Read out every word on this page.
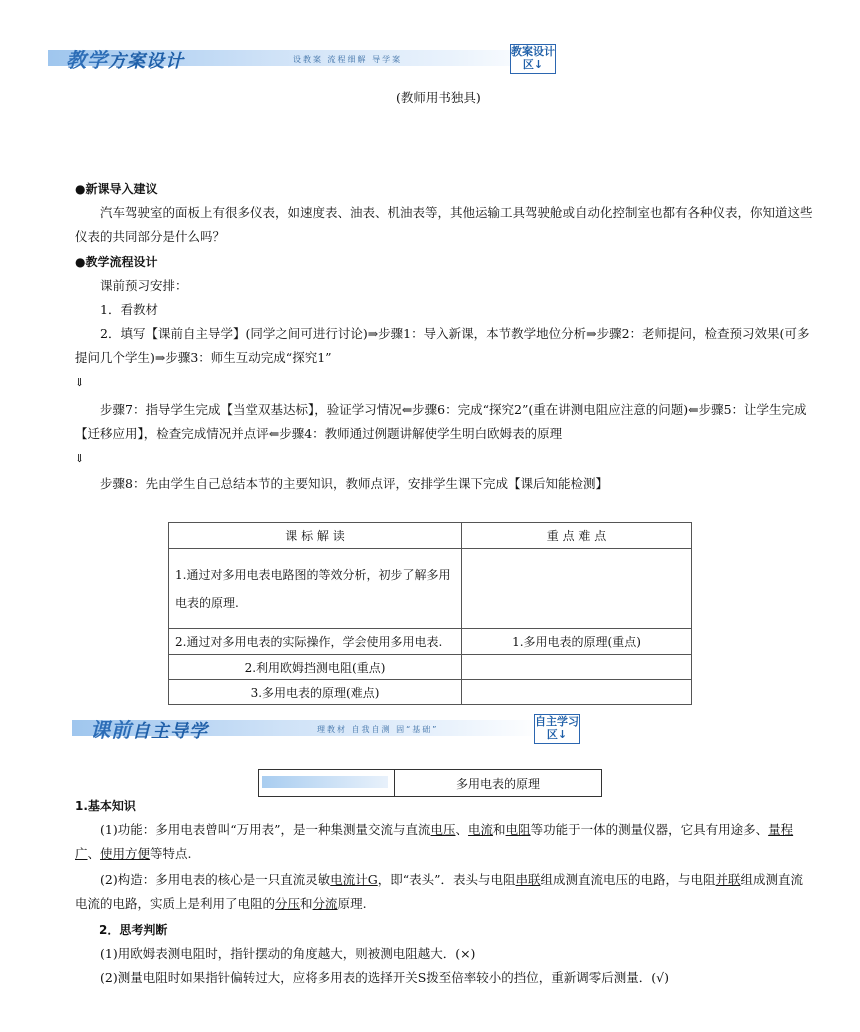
教学方案设计	设教案 流程细解 导学案
教案设计区↓
(教师用书独具)
●新课导入建议
汽车驾驶室的面板上有很多仪表，如速度表、油表、机油表等，其他运输工具驾驶舱或自动化控制室也都有各种仪表，你知道这些仪表的共同部分是什么吗？
●教学流程设计
课前预习安排：
1．看教材
2．填写【课前自主导学】(同学之间可进行讨论)⇒步骤1：导入新课，本节教学地位分析⇒步骤2：老师提问，检查预习效果(可多提问几个学生)⇒步骤3：师生互动完成“探究1”
⇓
步骤7：指导学生完成【当堂双基达标】，验证学习情况⇐步骤6：完成“探究2”(重在讲测电阻应注意的问题)⇐步骤5：让学生完成【迁移应用】，检查完成情况并点评⇐步骤4：教师通过例题讲解使学生明白欧姆表的原理
⇓
步骤8：先由学生自己总结本节的主要知识，教师点评，安排学生课下完成【课后知能检测】
课 标 解 读	重 点 难 点
1.通过对多用电表电路图的等效分析，初步了解多用电表的原理.	
2.通过对多用电表的实际操作，学会使用多用电表.	1.多用电表的原理(重点)
2.利用欧姆挡测电阻(重点)	
3.多用电表的原理(难点)	
课前自主导学	理教材 自我自测 固“基础”
自主学习区↓
多用电表的原理
1.基本知识
(1)功能：多用电表曾叫“万用表”，是一种集测量交流与直流电压、电流和电阻等功能于一体的测量仪器，它具有用途多、量程广、使用方便等特点.
(2)构造：多用电表的核心是一只直流灵敏电流计G，即“表头”．表头与电阻串联组成测直流电压的电路，与电阻并联组成测直流电流的电路，实质上是利用了电阻的分压和分流原理.
2．思考判断
(1)用欧姆表测电阻时，指针摆动的角度越大，则被测电阻越大．(×)
(2)测量电阻时如果指针偏转过大，应将多用表的选择开关S拨至倍率较小的挡位，重新调零后测量．(√)
